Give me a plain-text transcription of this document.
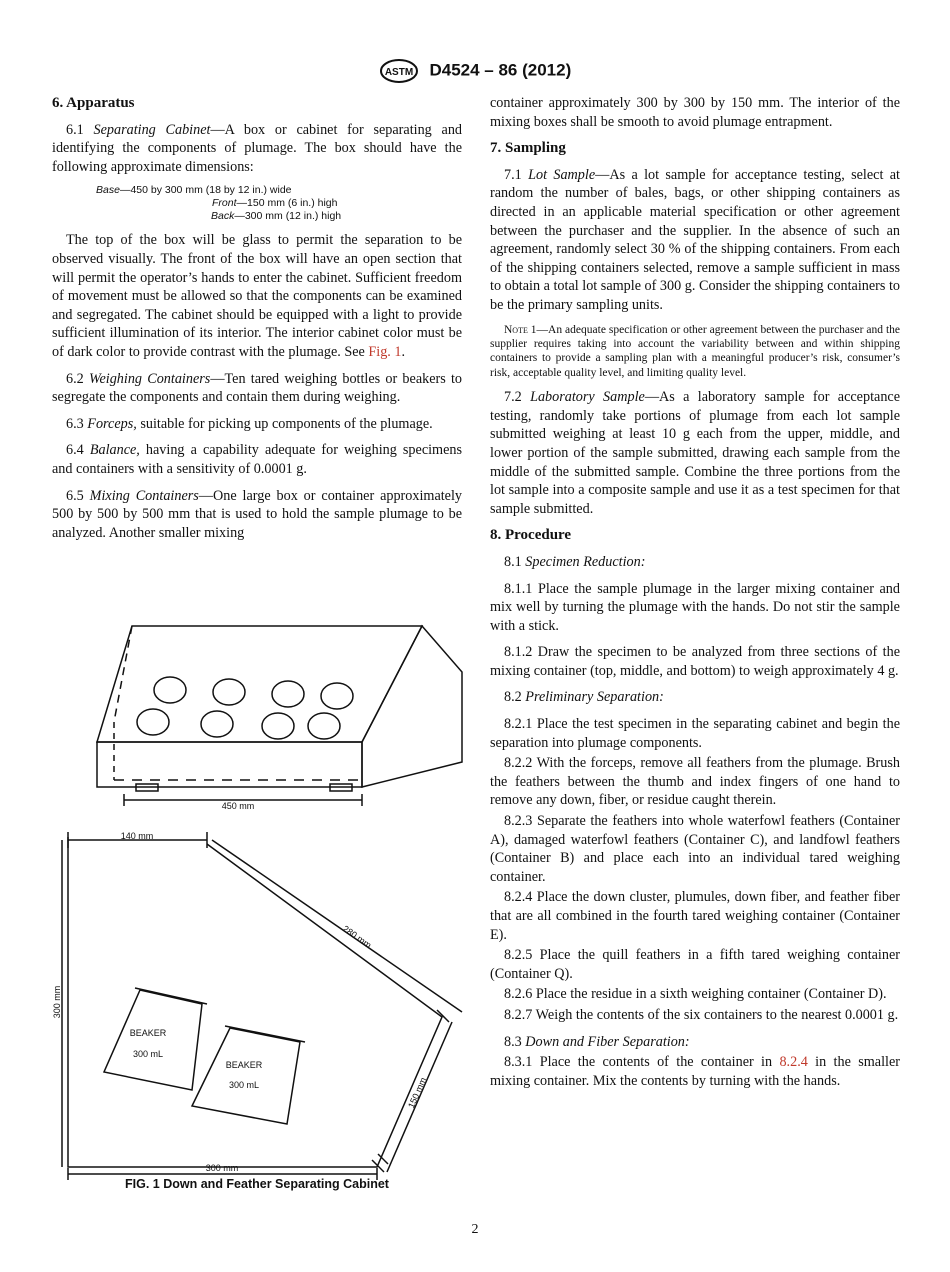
ASTM D4524 – 86 (2012)
6. Apparatus

6.1 Separating Cabinet—A box or cabinet for separating and identifying the components of plumage. The box should have the following approximate dimensions:

Base—450 by 300 mm (18 by 12 in.) wide
Front—150 mm (6 in.) high
Back—300 mm (12 in.) high

The top of the box will be glass to permit the separation to be observed visually. The front of the box will have an open section that will permit the operator’s hands to enter the cabinet. Sufficient freedom of movement must be allowed so that the components can be examined and segregated. The cabinet should be equipped with a light to provide sufficient illumination of its interior. The interior cabinet color must be of dark color to provide contrast with the plumage. See Fig. 1.

6.2 Weighing Containers—Ten tared weighing bottles or beakers to segregate the components and contain them during weighing.

6.3 Forceps, suitable for picking up components of the plumage.

6.4 Balance, having a capability adequate for weighing specimens and containers with a sensitivity of 0.0001 g.

6.5 Mixing Containers—One large box or container approximately 500 by 500 by 500 mm that is used to hold the sample plumage to be analyzed. Another smaller mixing

container approximately 300 by 300 by 150 mm. The interior of the mixing boxes shall be smooth to avoid plumage entrapment.

7. Sampling

7.1 Lot Sample—As a lot sample for acceptance testing, select at random the number of bales, bags, or other shipping containers as directed in an applicable material specification or other agreement between the purchaser and the supplier. In the absence of such an agreement, randomly select 30 % of the shipping containers. From each of the shipping containers selected, remove a sample sufficient in mass to obtain a total lot sample of 300 g. Consider the shipping containers to be the primary sampling units.

Note 1—An adequate specification or other agreement between the purchaser and the supplier requires taking into account the variability between and within shipping containers to provide a sampling plan with a meaningful producer’s risk, consumer’s risk, acceptable quality level, and limiting quality level.

7.2 Laboratory Sample—As a laboratory sample for acceptance testing, randomly take portions of plumage from each lot sample submitted weighing at least 10 g each from the upper, middle, and lower portion of the sample submitted, drawing each sample from the middle of the submitted sample. Combine the three portions from the lot sample into a composite sample and use it as a test specimen for that sample submitted.

8. Procedure

8.1 Specimen Reduction:

8.1.1 Place the sample plumage in the larger mixing container and mix well by turning the plumage with the hands. Do not stir the sample with a stick.

8.1.2 Draw the specimen to be analyzed from three sections of the mixing container (top, middle, and bottom) to weigh approximately 4 g.

8.2 Preliminary Separation:

8.2.1 Place the test specimen in the separating cabinet and begin the separation into plumage components.

8.2.2 With the forceps, remove all feathers from the plumage. Brush the feathers between the thumb and index fingers of one hand to remove any down, fiber, or residue caught therein.

8.2.3 Separate the feathers into whole waterfowl feathers (Container A), damaged waterfowl feathers (Container C), and landfowl feathers (Container B) and place each into an individual tared weighing container.

8.2.4 Place the down cluster, plumules, down fiber, and feather fiber that are all combined in the fourth tared weighing container (Container E).

8.2.5 Place the quill feathers in a fifth tared weighing container (Container Q).

8.2.6 Place the residue in a sixth weighing container (Container D).

8.2.7 Weigh the contents of the six containers to the nearest 0.0001 g.

8.3 Down and Fiber Separation:

8.3.1 Place the contents of the container in 8.2.4 in the smaller mixing container. Mix the contents by turning with the hands.

450 mm
140 mm
280 mm
300 mm
300 mm
150 mm
BEAKER
300 mL
BEAKER
300 mL
FIG. 1 Down and Feather Separating Cabinet
2
